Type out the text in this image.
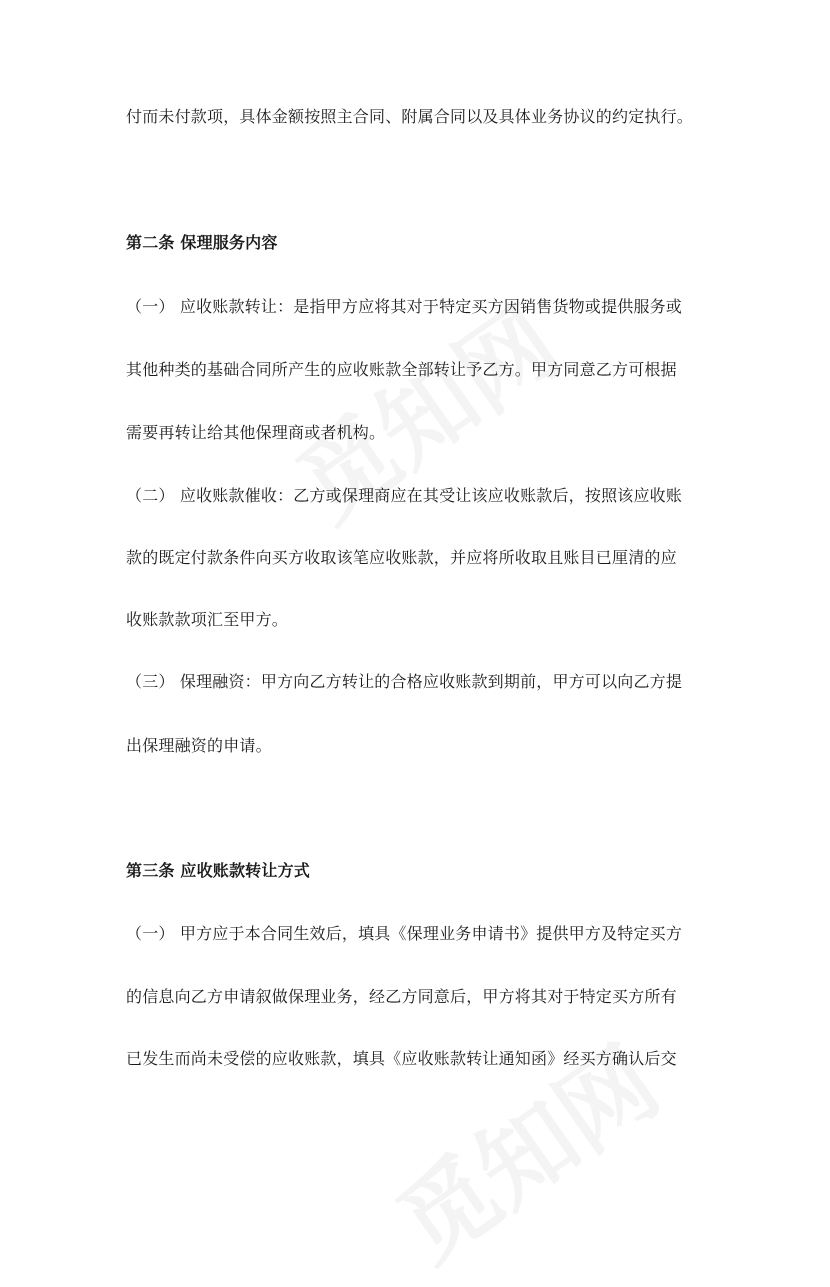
付而未付款项，具体金额按照主合同、附属合同以及具体业务协议的约定执行。
第二条 保理服务内容
（一） 应收账款转让：是指甲方应将其对于特定买方因销售货物或提供服务或
其他种类的基础合同所产生的应收账款全部转让予乙方。甲方同意乙方可根据
需要再转让给其他保理商或者机构。
（二） 应收账款催收：乙方或保理商应在其受让该应收账款后，按照该应收账
款的既定付款条件向买方收取该笔应收账款，并应将所收取且账目已厘清的应
收账款款项汇至甲方。
（三） 保理融资：甲方向乙方转让的合格应收账款到期前，甲方可以向乙方提
出保理融资的申请。
第三条 应收账款转让方式
（一） 甲方应于本合同生效后，填具《保理业务申请书》提供甲方及特定买方
的信息向乙方申请叙做保理业务，经乙方同意后，甲方将其对于特定买方所有
已发生而尚未受偿的应收账款，填具《应收账款转让通知函》经买方确认后交
